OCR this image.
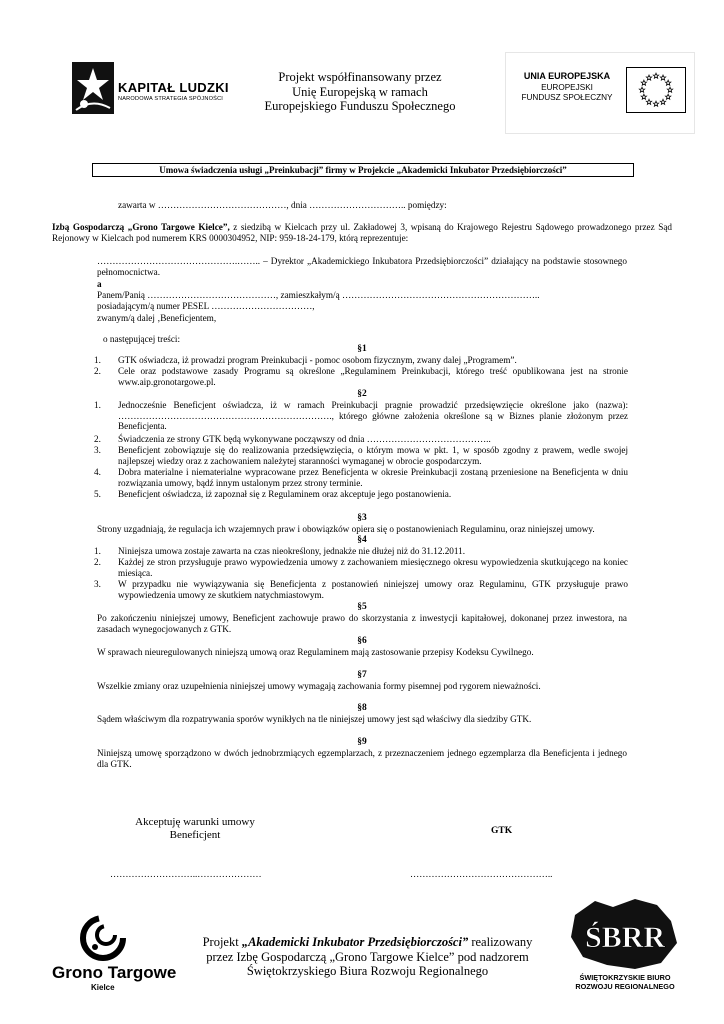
KAPITAŁ LUDZKI
NARODOWA STRATEGIA SPÓJNOŚCI
Projekt współfinansowany przez
Unię Europejską w ramach
Europejskiego Funduszu Społecznego
UNIA EUROPEJSKA
EUROPEJSKI
FUNDUSZ SPOŁECZNY
Umowa świadczenia usługi „Preinkubacji” firmy w Projekcie „Akademicki Inkubator Przedsiębiorczości”
zawarta w ……………………………………, dnia ………………………….. pomiędzy:
Izbą Gospodarczą „Grono Targowe Kielce”, z siedzibą w Kielcach przy ul. Zakładowej 3, wpisaną do Krajowego Rejestru Sądowego prowadzonego przez Sąd Rejonowy w Kielcach pod numerem KRS 0000304952, NIP: 959-18-24-179, którą reprezentuje:
……………………………………….…….. – Dyrektor „Akademickiego Inkubatora Przedsiębiorczości” działający na podstawie stosownego pełnomocnictwa.
a
Panem/Panią ……………………………………, zamieszkałym/ą ………………………………………………………..
posiadającym/ą numer PESEL ……………………………,
zwanym/ą dalej ‚Beneficjentem,
o następującej treści:
§1
1.	GTK oświadcza, iż prowadzi program Preinkubacji - pomoc osobom fizycznym, zwany dalej „Programem”.
2.	Cele oraz podstawowe zasady Programu są określone „Regulaminem Preinkubacji, którego treść opublikowana jest na stronie www.aip.gronotargowe.pl.
§2
1.	Jednocześnie Beneficjent oświadcza, iż w ramach Preinkubacji pragnie prowadzić przedsięwzięcie określone jako (nazwa): ……………………………………………………………., którego główne założenia określone są w Biznes planie złożonym przez Beneficjenta.
2.	Świadczenia ze strony GTK będą wykonywane począwszy od dnia …………………………………..
3.	Beneficjent zobowiązuje się do realizowania przedsięwzięcia, o którym mowa w pkt. 1, w sposób zgodny z prawem, wedle swojej najlepszej wiedzy oraz z zachowaniem należytej staranności wymaganej w obrocie gospodarczym.
4.	Dobra materialne i niematerialne wypracowane przez Beneficjenta w okresie Preinkubacji zostaną przeniesione na Beneficjenta w dniu rozwiązania umowy, bądź innym ustalonym przez strony terminie.
5.	Beneficjent oświadcza, iż zapoznał się z Regulaminem oraz akceptuje jego postanowienia.
§3
Strony uzgadniają, że regulacja ich wzajemnych praw i obowiązków opiera się o postanowieniach Regulaminu, oraz niniejszej umowy.
§4
1.	Niniejsza umowa zostaje zawarta na czas nieokreślony, jednakże nie dłużej niż do 31.12.2011.
2.	Każdej ze stron przysługuje prawo wypowiedzenia umowy z zachowaniem miesięcznego okresu wypowiedzenia skutkującego na koniec miesiąca.
3.	W przypadku nie wywiązywania się Beneficjenta z postanowień niniejszej umowy oraz Regulaminu, GTK przysługuje prawo wypowiedzenia umowy ze skutkiem natychmiastowym.
§5
Po zakończeniu niniejszej umowy, Beneficjent zachowuje prawo do skorzystania z inwestycji kapitałowej, dokonanej przez inwestora, na zasadach wynegocjowanych z GTK.
§6
W sprawach nieuregulowanych niniejszą umową oraz Regulaminem mają zastosowanie przepisy Kodeksu Cywilnego.
§7
Wszelkie zmiany oraz uzupełnienia niniejszej umowy wymagają zachowania formy pisemnej pod rygorem nieważności.
§8
Sądem właściwym dla rozpatrywania sporów wynikłych na tle niniejszej umowy jest sąd właściwy dla siedziby GTK.
§9
Niniejszą umowę sporządzono w dwóch jednobrzmiących egzemplarzach, z przeznaczeniem jednego egzemplarza dla Beneficjenta i jednego dla GTK.
Akceptuję warunki umowy
Beneficjent	GTK
………………………..…………………	………………………………………..
Grono Targowe
Kielce
Projekt „Akademicki Inkubator Przedsiębiorczości” realizowany przez Izbę Gospodarczą „Grono Targowe Kielce” pod nadzorem Świętokrzyskiego Biura Rozwoju Regionalnego
ŚBRR
ŚWIĘTOKRZYSKIE BIURO
ROZWOJU REGIONALNEGO
